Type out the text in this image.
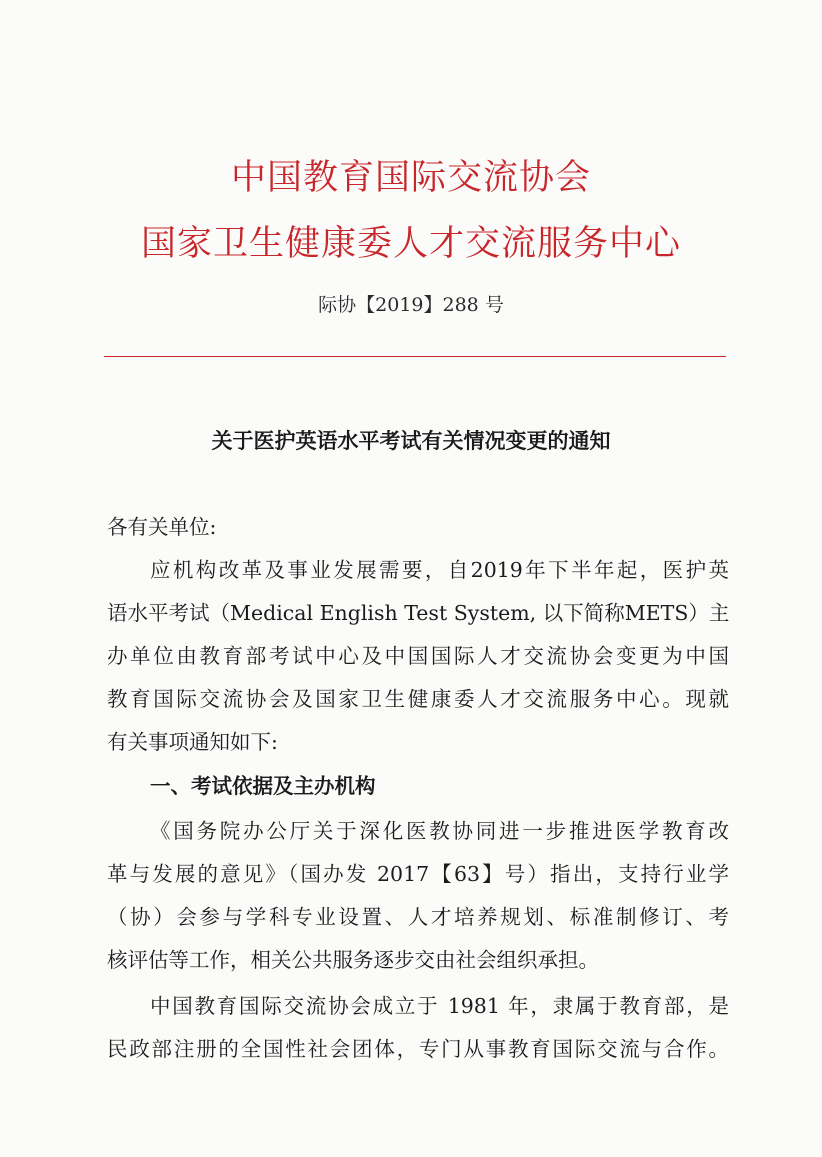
中国教育国际交流协会
国家卫生健康委人才交流服务中心
际协【2019】288 号
关于医护英语水平考试有关情况变更的通知
各有关单位:
应机构改革及事业发展需要，自2019年下半年起，医护英
语水平考试（Medical English Test System, 以下简称METS）主
办单位由教育部考试中心及中国国际人才交流协会变更为中国
教育国际交流协会及国家卫生健康委人才交流服务中心。现就
有关事项通知如下:
一、考试依据及主办机构
《国务院办公厅关于深化医教协同进一步推进医学教育改
革与发展的意见》（国办发 2017【63】号）指出，支持行业学
（协）会参与学科专业设置、人才培养规划、标准制修订、考
核评估等工作，相关公共服务逐步交由社会组织承担。
中国教育国际交流协会成立于 1981 年，隶属于教育部，是
民政部注册的全国性社会团体，专门从事教育国际交流与合作。
